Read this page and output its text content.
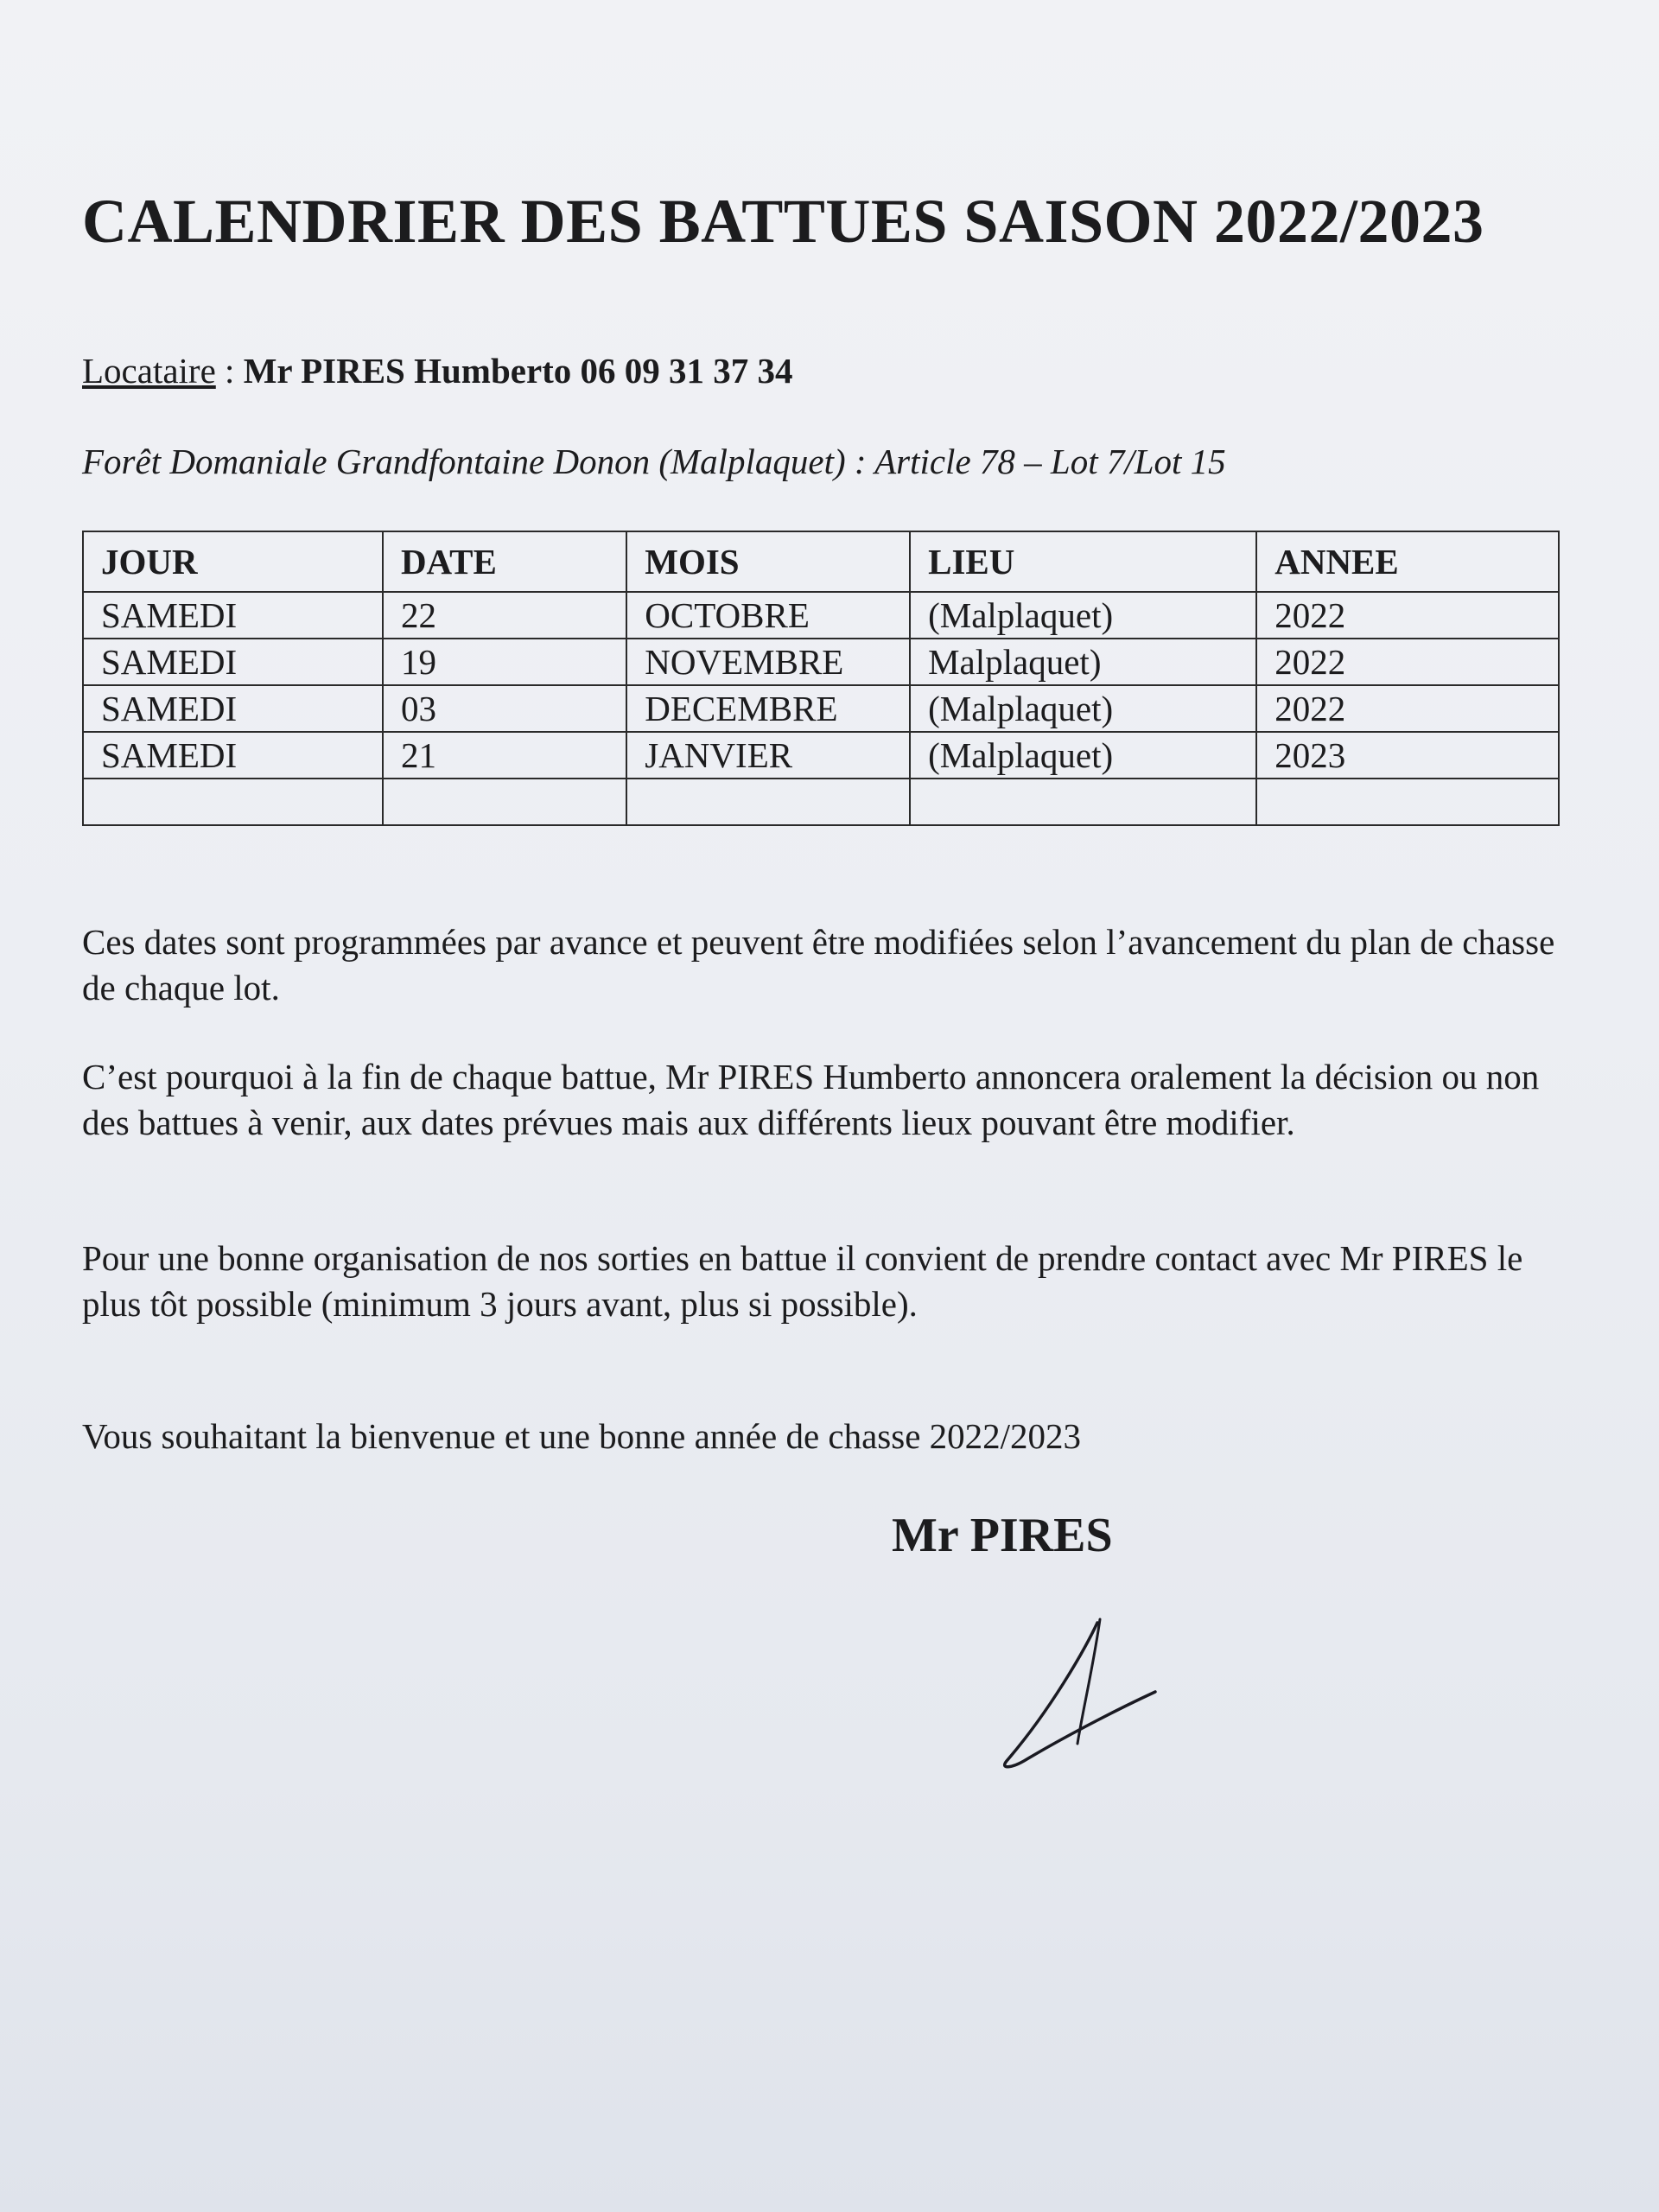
CALENDRIER DES BATTUES SAISON 2022/2023
Locataire : Mr PIRES Humberto 06 09 31 37 34
Forêt Domaniale Grandfontaine Donon (Malplaquet) : Article 78 – Lot 7/Lot 15
JOUR	DATE	MOIS	LIEU	ANNEE
SAMEDI	22	OCTOBRE	(Malplaquet)	2022
SAMEDI	19	NOVEMBRE	Malplaquet)	2022
SAMEDI	03	DECEMBRE	(Malplaquet)	2022
SAMEDI	21	JANVIER	(Malplaquet)	2023

Ces dates sont programmées par avance et peuvent être modifiées selon l’avancement du plan de chasse de chaque lot.

C’est pourquoi à la fin de chaque battue, Mr PIRES Humberto annoncera oralement la décision ou non des battues à venir, aux dates prévues mais aux différents lieux pouvant être modifier.

Pour une bonne organisation de nos sorties en battue il convient de prendre contact avec Mr PIRES le plus tôt possible (minimum 3 jours avant, plus si possible).

Vous souhaitant la bienvenue et une bonne année de chasse 2022/2023

Mr PIRES
